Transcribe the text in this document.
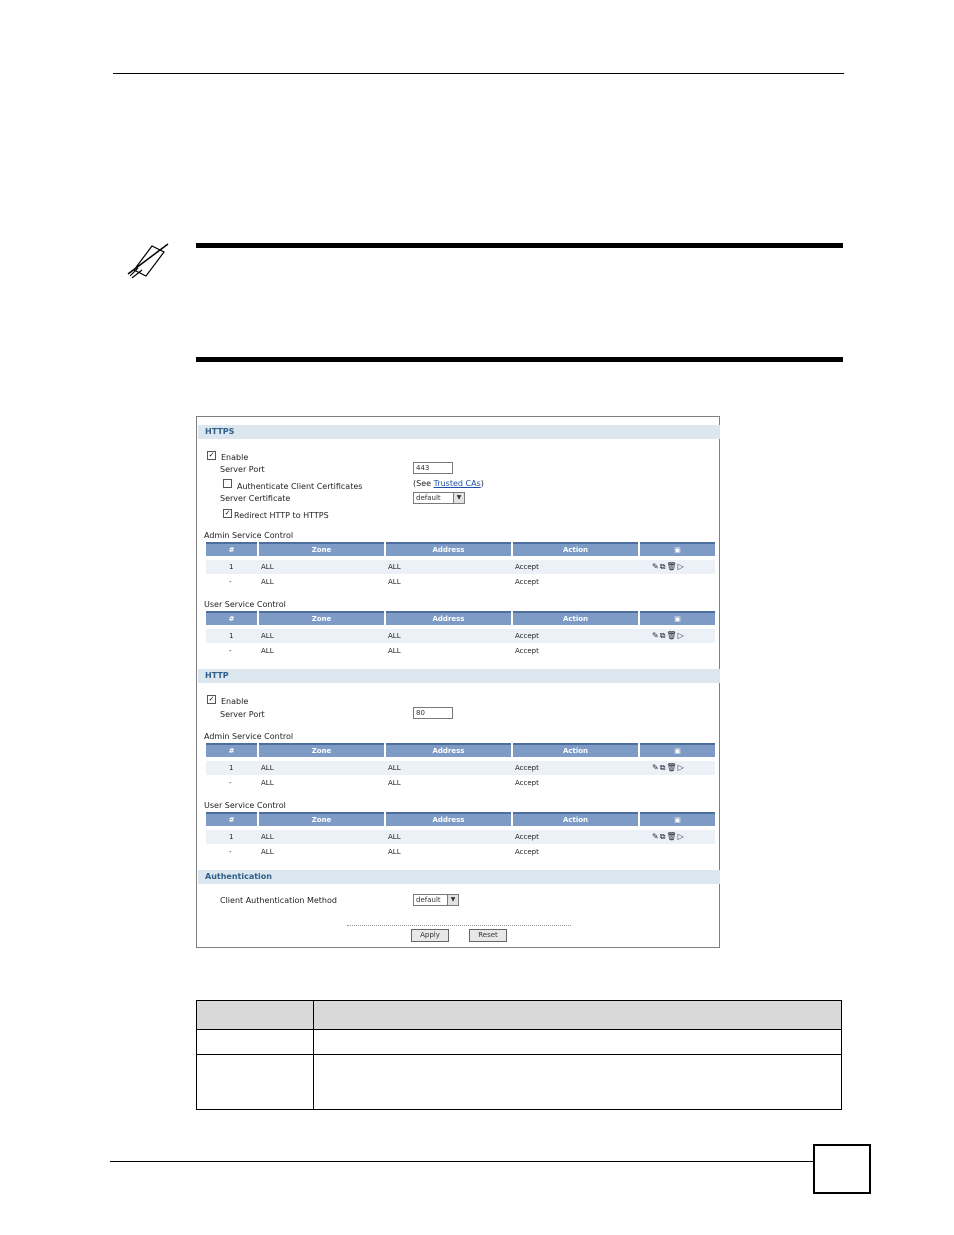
HTTPS
✓ Enable
Server Port	443
Authenticate Client Certificates	(See Trusted CAs)
Server Certificate	default	▼
✓ Redirect HTTP to HTTPS
Admin Service Control
#	Zone	Address	Action	▣
1	ALL	ALL	Accept	✎⧉🗑▷
-	ALL	ALL	Accept
User Service Control
#	Zone	Address	Action	▣
1	ALL	ALL	Accept	✎⧉🗑▷
-	ALL	ALL	Accept
HTTP
✓ Enable
Server Port	80
Admin Service Control
#	Zone	Address	Action	▣
1	ALL	ALL	Accept	✎⧉🗑▷
-	ALL	ALL	Accept
User Service Control
#	Zone	Address	Action	▣
1	ALL	ALL	Accept	✎⧉🗑▷
-	ALL	ALL	Accept
Authentication
Client Authentication Method	default	▼
Apply	Reset
